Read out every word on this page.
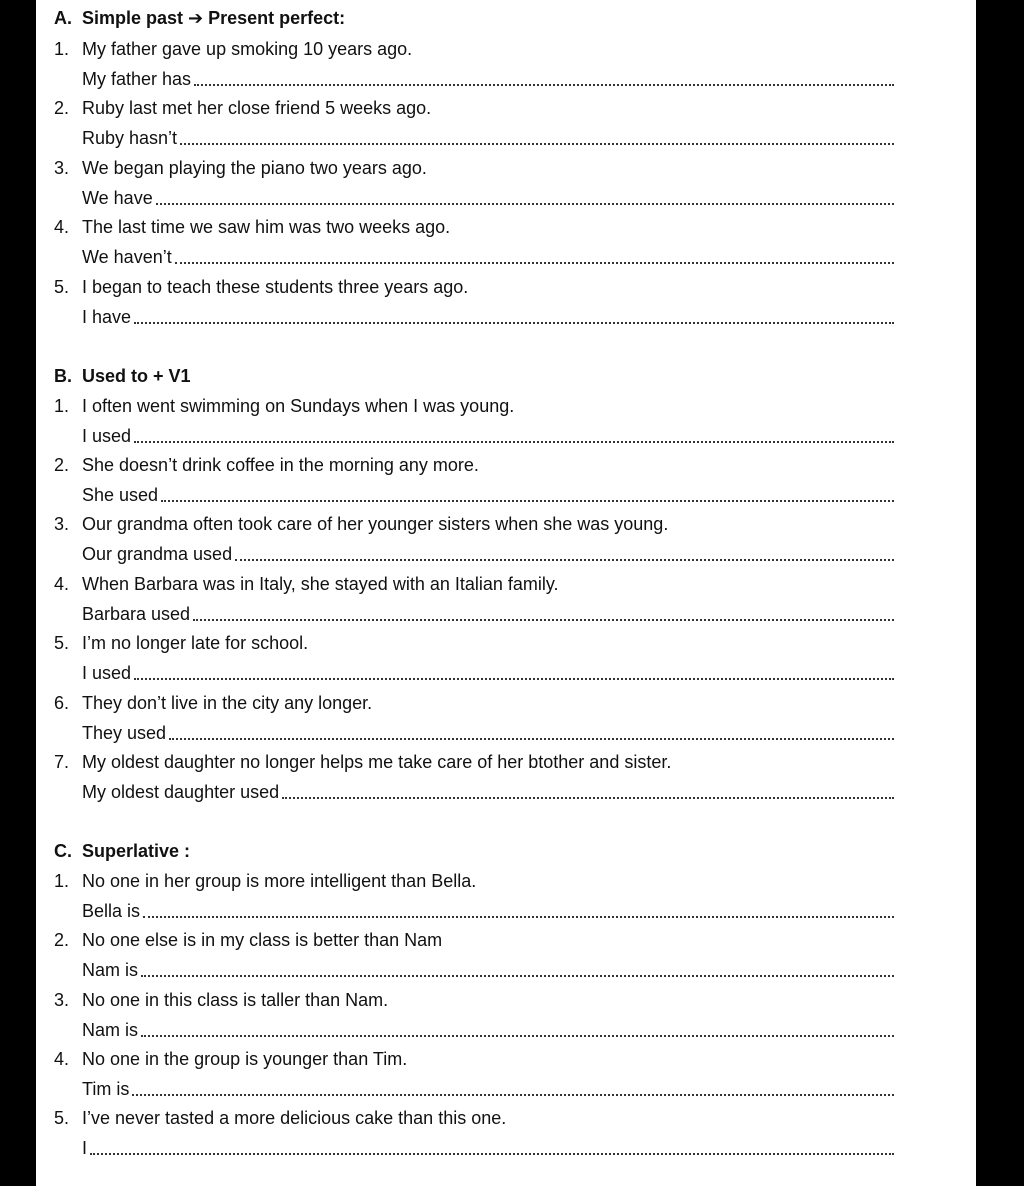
A. Simple past ➔ Present perfect:
1. My father gave up smoking 10 years ago.
My father has
2. Ruby last met her close friend 5 weeks ago.
Ruby hasn’t
3. We began playing the piano two years ago.
We have
4. The last time we saw him was two weeks ago.
We haven’t
5. I began to teach these students three years ago.
I have
B. Used to + V1
1. I often went swimming on Sundays when I was young.
I used
2. She doesn’t drink coffee in the morning any more.
She used
3. Our grandma often took care of her younger sisters when she was young.
Our grandma used
4. When Barbara was in Italy, she stayed with an Italian family.
Barbara used
5. I’m no longer late for school.
I used
6. They don’t live in the city any longer.
They used
7. My oldest daughter no longer helps me take care of her btother and sister.
My oldest daughter used
C. Superlative :
1. No one in her group is more intelligent than Bella.
Bella is
2. No one else is in my class is better than Nam
Nam is
3. No one in this class is taller than Nam.
Nam is
4. No one in the group is younger than Tim.
Tim is
5. I’ve never tasted a more delicious cake than this one.
I
